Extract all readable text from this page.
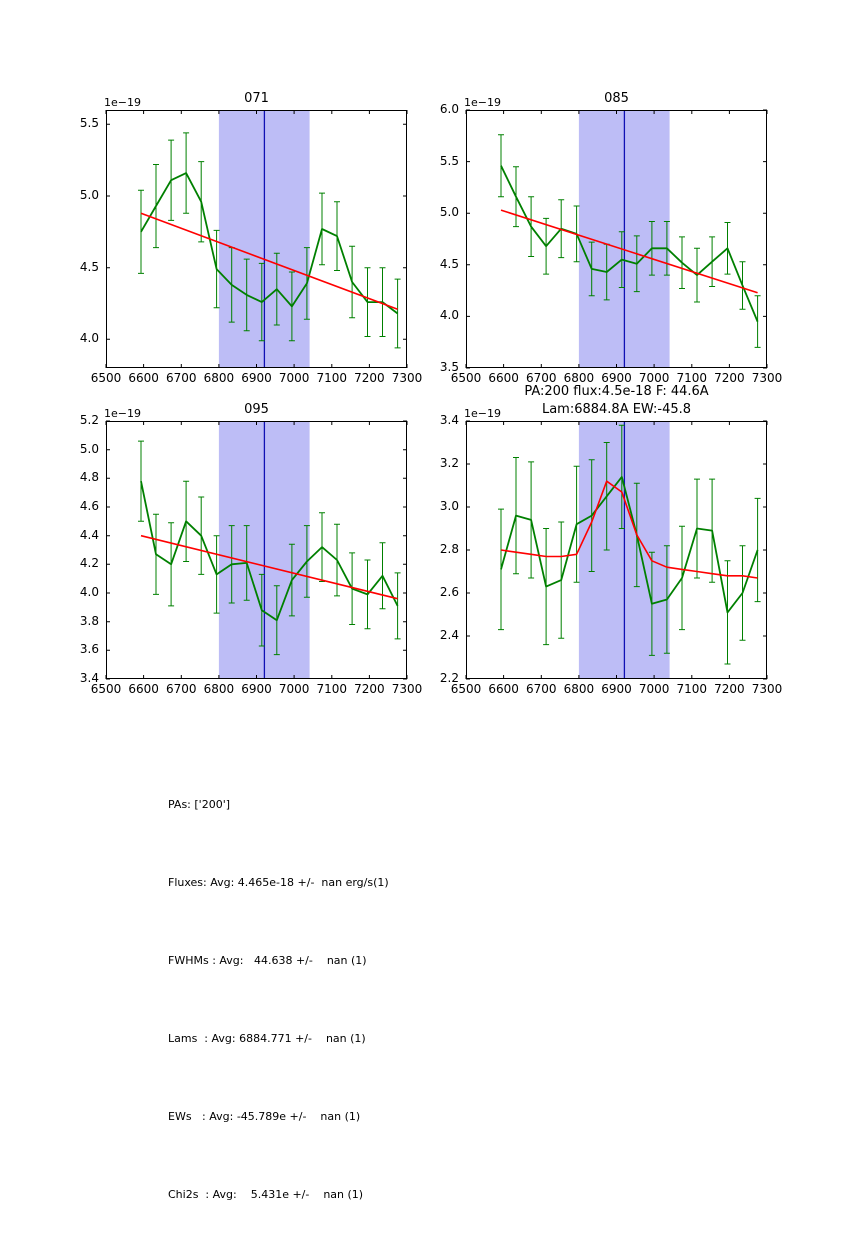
071
1e−19
6500 6600 6700 6800 6900 7000 7100 7200 7300
4.0
4.5
5.0
5.5
085
1e−19
6500 6600 6700 6800 6900 7000 7100 7200 7300
3.5
4.0
4.5
5.0
5.5
6.0
095
1e−19
6500 6600 6700 6800 6900 7000 7100 7200 7300
3.4
3.6
3.8
4.0
4.2
4.4
4.6
4.8
5.0
5.2
PA:200 flux:4.5e-18 F: 44.6A
Lam:6884.8A EW:-45.8
1e−19
6500 6600 6700 6800 6900 7000 7100 7200 7300
2.2
2.4
2.6
2.8
3.0
3.2
3.4

PAs: ['200']

Fluxes: Avg: 4.465e-18 +/-  nan erg/s(1)

FWHMs : Avg:   44.638 +/-    nan (1)

Lams  : Avg: 6884.771 +/-    nan (1)

EWs   : Avg: -45.789e +/-    nan (1)

Chi2s  : Avg:    5.431e +/-    nan (1)
